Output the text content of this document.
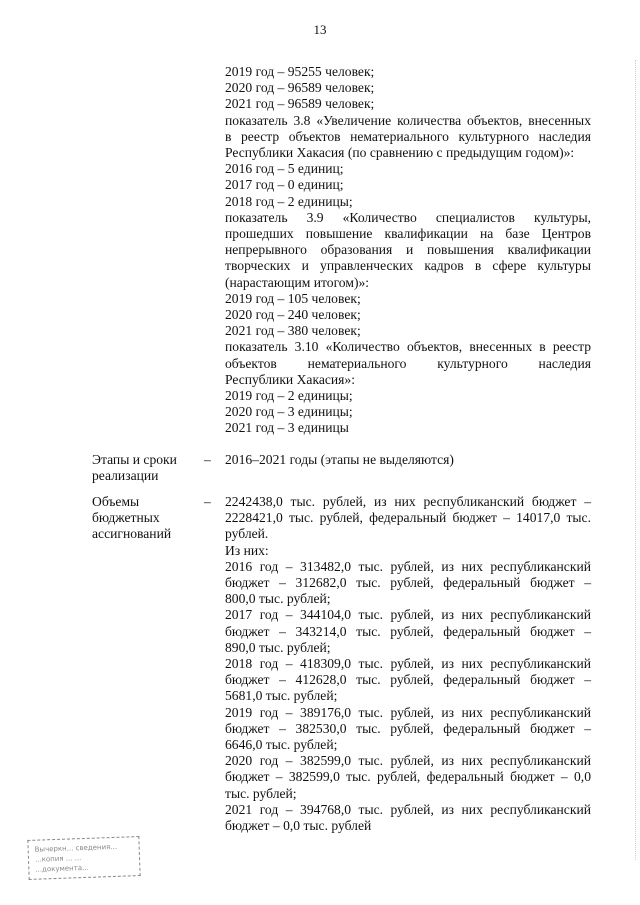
13
2019 год – 95255 человек;
2020 год – 96589 человек;
2021 год – 96589 человек;
показатель 3.8 «Увеличение количества объектов, внесенных
в реестр объектов нематериального культурного наследия
Республики Хакасия (по сравнению с предыдущим годом)»:
2016 год – 5 единиц;
2017 год – 0 единиц;
2018 год – 2 единицы;
показатель 3.9 «Количество специалистов культуры,
прошедших повышение квалификации на базе Центров
непрерывного образования и повышения квалификации
творческих и управленческих кадров в сфере культуры
(нарастающим итогом)»:
2019 год – 105 человек;
2020 год – 240 человек;
2021 год – 380 человек;
показатель 3.10 «Количество объектов, внесенных в реестр
объектов нематериального культурного наследия
Республики Хакасия»:
2019 год – 2 единицы;
2020 год – 3 единицы;
2021 год – 3 единицы
Этапы и сроки
реализации
– 2016–2021 годы (этапы не выделяются)
Объемы
бюджетных
ассигнований
– 2242438,0 тыс. рублей, из них республиканский бюджет –
2228421,0 тыс. рублей, федеральный бюджет – 14017,0 тыс.
рублей.
Из них:
2016 год – 313482,0 тыс. рублей, из них республиканский
бюджет – 312682,0 тыс. рублей, федеральный бюджет –
800,0 тыс. рублей;
2017 год – 344104,0 тыс. рублей, из них республиканский
бюджет – 343214,0 тыс. рублей, федеральный бюджет –
890,0 тыс. рублей;
2018 год – 418309,0 тыс. рублей, из них республиканский
бюджет – 412628,0 тыс. рублей, федеральный бюджет –
5681,0 тыс. рублей;
2019 год – 389176,0 тыс. рублей, из них республиканский
бюджет – 382530,0 тыс. рублей, федеральный бюджет –
6646,0 тыс. рублей;
2020 год – 382599,0 тыс. рублей, из них республиканский
бюджет – 382599,0 тыс. рублей, федеральный бюджет – 0,0
тыс. рублей;
2021 год – 394768,0 тыс. рублей, из них республиканский
бюджет – 0,0 тыс. рублей
Вычеркн... сведения...
...копия ... ...
...документа...
